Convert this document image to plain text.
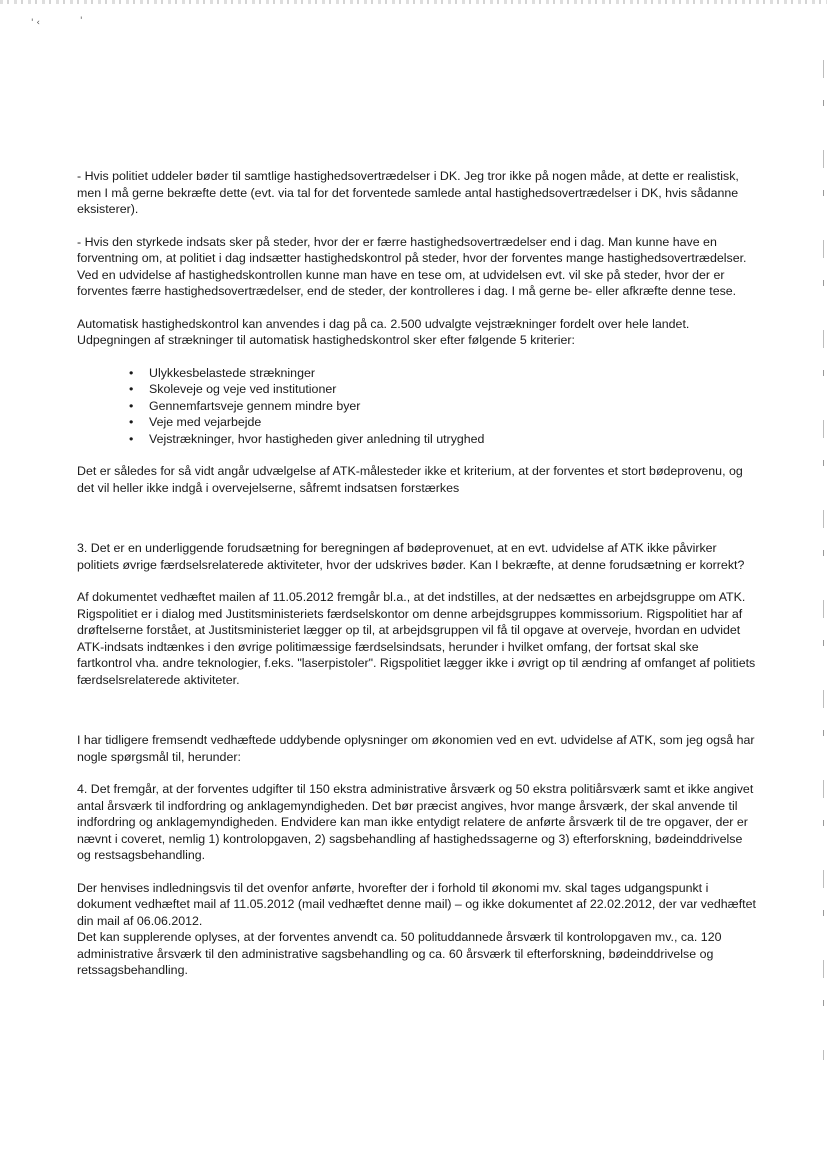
' ‹	'

- Hvis politiet uddeler bøder til samtlige hastighedsovertrædelser i DK. Jeg tror ikke på nogen måde, at dette er realistisk, men I må gerne bekræfte dette (evt. via tal for det forventede samlede antal hastighedsovertrædelser i DK, hvis sådanne eksisterer).

- Hvis den styrkede indsats sker på steder, hvor der er færre hastighedsovertrædelser end i dag. Man kunne have en forventning om, at politiet i dag indsætter hastighedskontrol på steder, hvor der forventes mange hastighedsovertrædelser. Ved en udvidelse af hastighedskontrollen kunne man have en tese om, at udvidelsen evt. vil ske på steder, hvor der er forventes færre hastighedsovertrædelser, end de steder, der kontrolleres i dag. I må gerne be- eller afkræfte denne tese.

Automatisk hastighedskontrol kan anvendes i dag på ca. 2.500 udvalgte vejstrækninger fordelt over hele landet. Udpegningen af strækninger til automatisk hastighedskontrol sker efter følgende 5 kriterier:

• Ulykkesbelastede strækninger
• Skoleveje og veje ved institutioner
• Gennemfartsveje gennem mindre byer
• Veje med vejarbejde
• Vejstrækninger, hvor hastigheden giver anledning til utryghed

Det er således for så vidt angår udvælgelse af ATK-målesteder ikke et kriterium, at der forventes et stort bødeprovenu, og det vil heller ikke indgå i overvejelserne, såfremt indsatsen forstærkes

3. Det er en underliggende forudsætning for beregningen af bødeprovenuet, at en evt. udvidelse af ATK ikke påvirker politiets øvrige færdselsrelaterede aktiviteter, hvor der udskrives bøder. Kan I bekræfte, at denne forudsætning er korrekt?

Af dokumentet vedhæftet mailen af 11.05.2012 fremgår bl.a., at det indstilles, at der nedsættes en arbejdsgruppe om ATK. Rigspolitiet er i dialog med Justitsministeriets færdselskontor om denne arbejdsgruppes kommissorium. Rigspolitiet har af drøftelserne forstået, at Justitsministeriet lægger op til, at arbejdsgruppen vil få til opgave at overveje, hvordan en udvidet ATK-indsats indtænkes i den øvrige politimæssige færdselsindsats, herunder i hvilket omfang, der fortsat skal ske fartkontrol vha. andre teknologier, f.eks. "laserpistoler". Rigspolitiet lægger ikke i øvrigt op til ændring af omfanget af politiets færdselsrelaterede aktiviteter.

I har tidligere fremsendt vedhæftede uddybende oplysninger om økonomien ved en evt. udvidelse af ATK, som jeg også har nogle spørgsmål til, herunder:

4. Det fremgår, at der forventes udgifter til 150 ekstra administrative årsværk og 50 ekstra politiårsværk samt et ikke angivet antal årsværk til indfordring og anklagemyndigheden. Det bør præcist angives, hvor mange årsværk, der skal anvende til indfordring og anklagemyndigheden. Endvidere kan man ikke entydigt relatere de anførte årsværk til de tre opgaver, der er nævnt i coveret, nemlig 1) kontrolopgaven, 2) sagsbehandling af hastighedssagerne og 3) efterforskning, bødeinddrivelse og restsagsbehandling.

Der henvises indledningsvis til det ovenfor anførte, hvorefter der i forhold til økonomi mv. skal tages udgangspunkt i dokument vedhæftet mail af 11.05.2012 (mail vedhæftet denne mail) – og ikke dokumentet af 22.02.2012, der var vedhæftet din mail af 06.06.2012.

Det kan supplerende oplyses, at der forventes anvendt ca. 50 polituddannede årsværk til kontrolopgaven mv., ca. 120 administrative årsværk til den administrative sagsbehandling og ca. 60 årsværk til efterforskning, bødeinddrivelse og retssagsbehandling.
